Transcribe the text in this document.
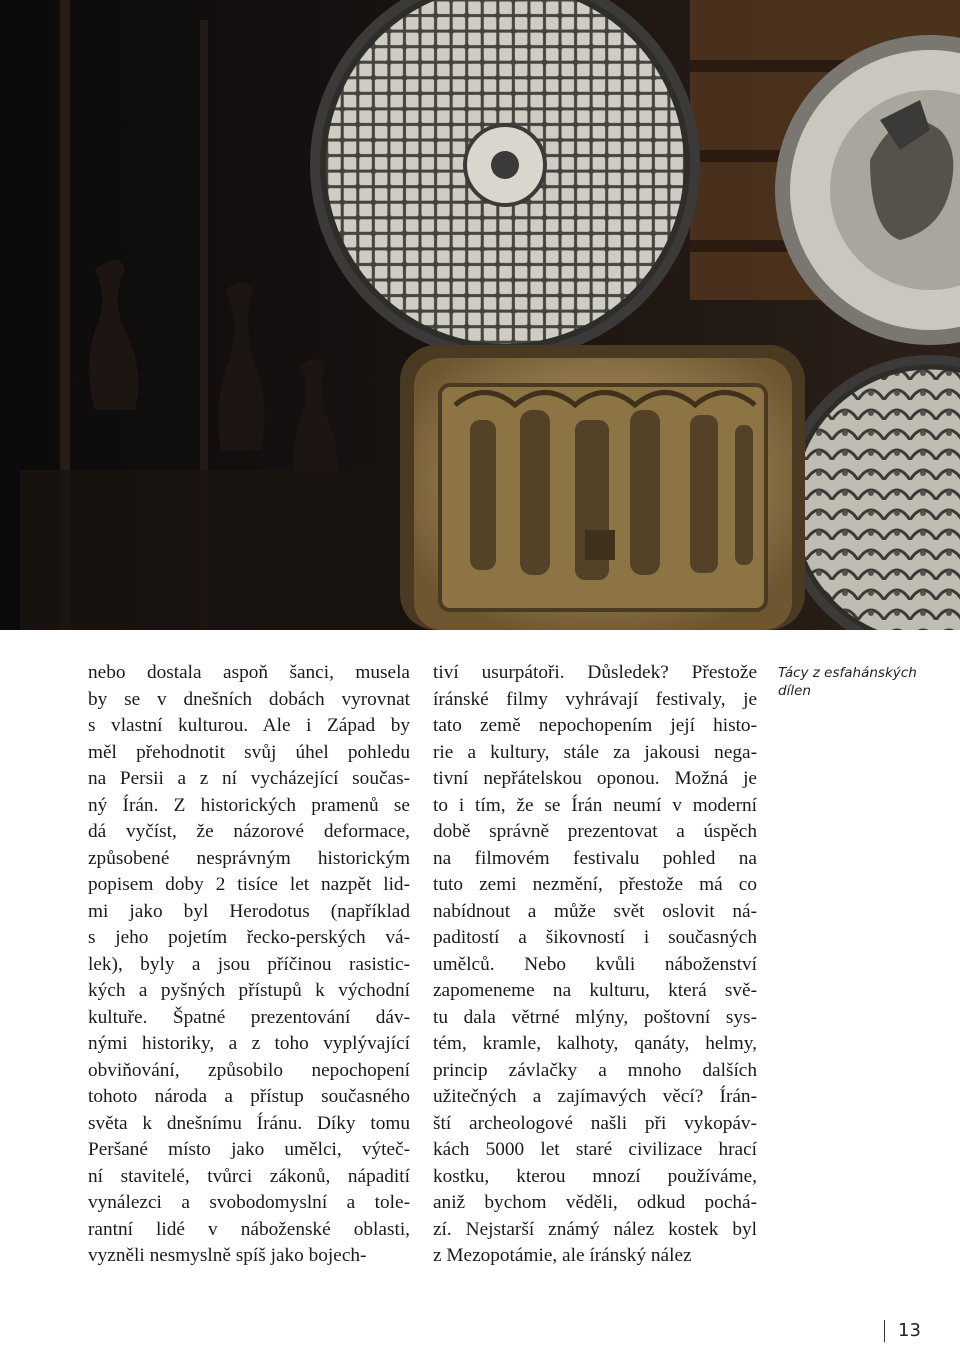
nebo dostala aspoň šanci, musela
by se v dnešních dobách vyrovnat
s vlastní kulturou. Ale i Západ by
měl přehodnotit svůj úhel pohledu
na Persii a z ní vycházející součas-
ný Írán. Z historických pramenů se
dá vyčíst, že názorové deformace,
způsobené nesprávným historickým
popisem doby 2 tisíce let nazpět lid-
mi jako byl Herodotus (například
s jeho pojetím řecko-perských vá-
lek), byly a jsou příčinou rasistic-
kých a pyšných přístupů k východní
kultuře. Špatné prezentování dáv-
nými historiky, a z toho vyplývající
obviňování, způsobilo nepochopení
tohoto národa a přístup současného
světa k dnešnímu Íránu. Díky tomu
Peršané místo jako umělci, výteč-
ní stavitelé, tvůrci zákonů, nápadití
vynálezci a svobodomyslní a tole-
rantní lidé v náboženské oblasti,
vyzněli nesmyslně spíš jako bojech-
tiví usurpátoři. Důsledek? Přestože
íránské filmy vyhrávají festivaly, je
tato země nepochopením její histo-
rie a kultury, stále za jakousi nega-
tivní nepřátelskou oponou. Možná je
to i tím, že se Írán neumí v moderní
době správně prezentovat a úspěch
na filmovém festivalu pohled na
tuto zemi nezmění, přestože má co
nabídnout a může svět oslovit ná-
paditostí a šikovností i současných
umělců. Nebo kvůli náboženství
zapomeneme na kulturu, která svě-
tu dala větrné mlýny, poštovní sys-
tém, kramle, kalhoty, qanáty, helmy,
princip závlačky a mnoho dalších
užitečných a zajímavých věcí? Írán-
ští archeologové našli při vykopáv-
kách 5000 let staré civilizace hrací
kostku, kterou mnozí používáme,
aniž bychom věděli, odkud pochá-
zí. Nejstarší známý nález kostek byl
z Mezopotámie, ale íránský nález
Tácy z esfahánských
dílen
13
